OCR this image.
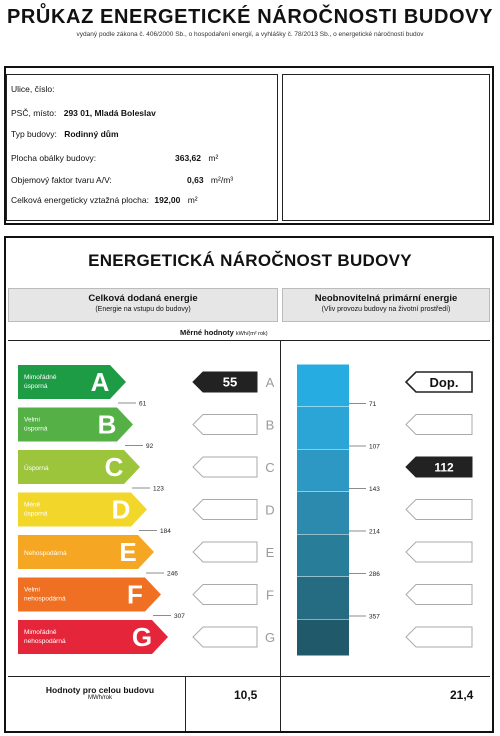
PRŮKAZ ENERGETICKÉ NÁROČNOSTI BUDOVY
vydaný podle zákona č. 406/2000 Sb., o hospodaření energií, a vyhlášky č. 78/2013 Sb., o energetické náročnosti budov
Ulice, číslo:
PSČ, místo: 293 01, Mladá Boleslav
Typ budovy: Rodinný dům
Plocha obálky budovy:	363,62 m²
Objemový faktor tvaru A/V:	0,63 m²/m³
Celková energeticky vztažná plocha: 192,00 m²
ENERGETICKÁ NÁROČNOST BUDOVY
Celková dodaná energie
(Energie na vstupu do budovy)
Neobnovitelná primární energie
(Vliv provozu budovy na životní prostředí)
Měrné hodnoty kWh/(m² rok)
Mimořádně
úsporná A	55 A
Velmi
úsporná B	B
Úsporná C	C
Méně
úsporná D	D
Nehospodárná E	E
Velmi
nehospodárná F	F
Mimořádně
nehospodárná	G	G
61
92
123
184
246
307
Dop.
112
71
107
143
214
286
357
Hodnoty pro celou budovu
MWh/rok	10,5	21,4
